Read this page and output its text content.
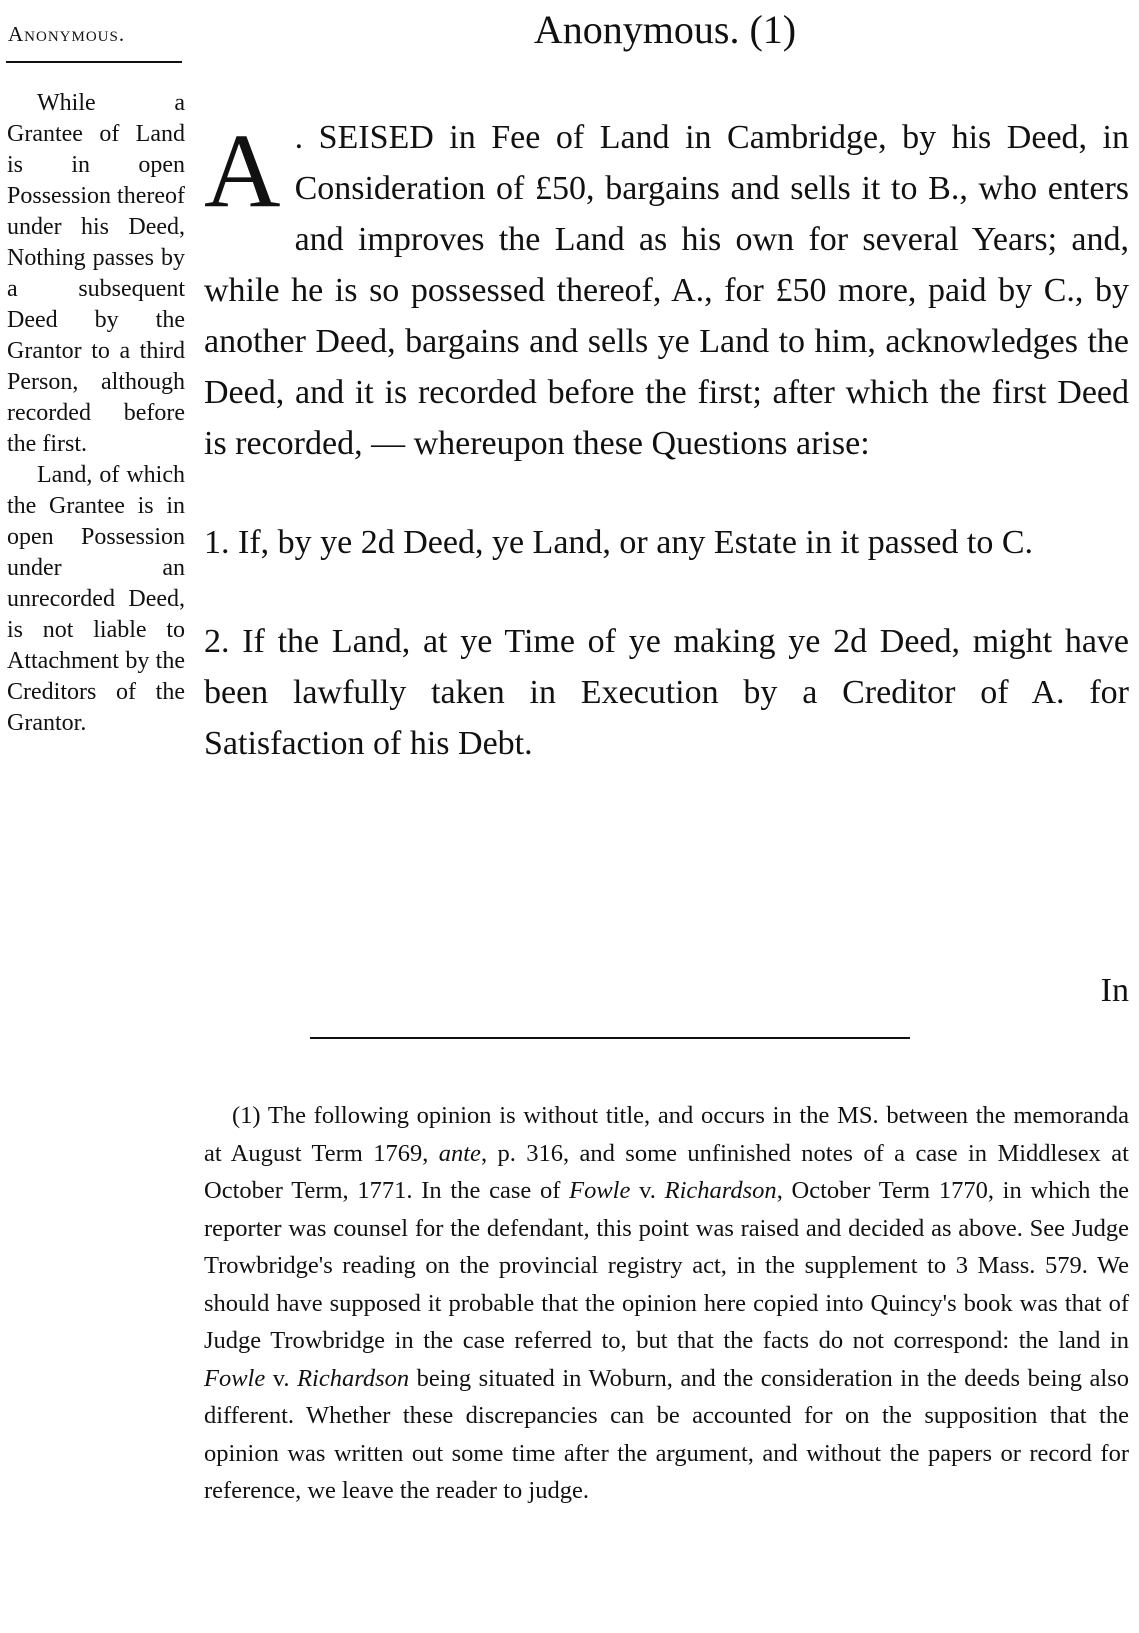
Anonymous.	Anonymous. (1)

While a Grantee of Land is in open Possession thereof under his Deed, Nothing passes by a subsequent Deed by the Grantor to a third Person, although recorded before the first.

Land, of which the Grantee is in open Possession under an unrecorded Deed, is not liable to Attachment by the Creditors of the Grantor.

A . SEISED in Fee of Land in Cambridge, by his Deed, in Consideration of £50, bargains and sells it to B., who enters and improves the Land as his own for several Years; and, while he is so possessed thereof, A., for £50 more, paid by C., by another Deed, bargains and sells ye Land to him, acknowledges the Deed, and it is recorded before the first; after which the first Deed is recorded, — whereupon these Questions arise:

1. If, by ye 2d Deed, ye Land, or any Estate in it passed to C.

2. If the Land, at ye Time of ye making ye 2d Deed, might have been lawfully taken in Execution by a Creditor of A. for Satisfaction of his Debt.

In

(1) The following opinion is without title, and occurs in the MS. between the memoranda at August Term 1769, ante, p. 316, and some unfinished notes of a case in Middlesex at October Term, 1771. In the case of Fowle v. Richardson, October Term 1770, in which the reporter was counsel for the defendant, this point was raised and decided as above. See Judge Trowbridge's reading on the provincial registry act, in the supplement to 3 Mass. 579. We should have supposed it probable that the opinion here copied into Quincy's book was that of Judge Trowbridge in the case referred to, but that the facts do not correspond: the land in Fowle v. Richardson being situated in Woburn, and the consideration in the deeds being also different. Whether these discrepancies can be accounted for on the supposition that the opinion was written out some time after the argument, and without the papers or record for reference, we leave the reader to judge.
